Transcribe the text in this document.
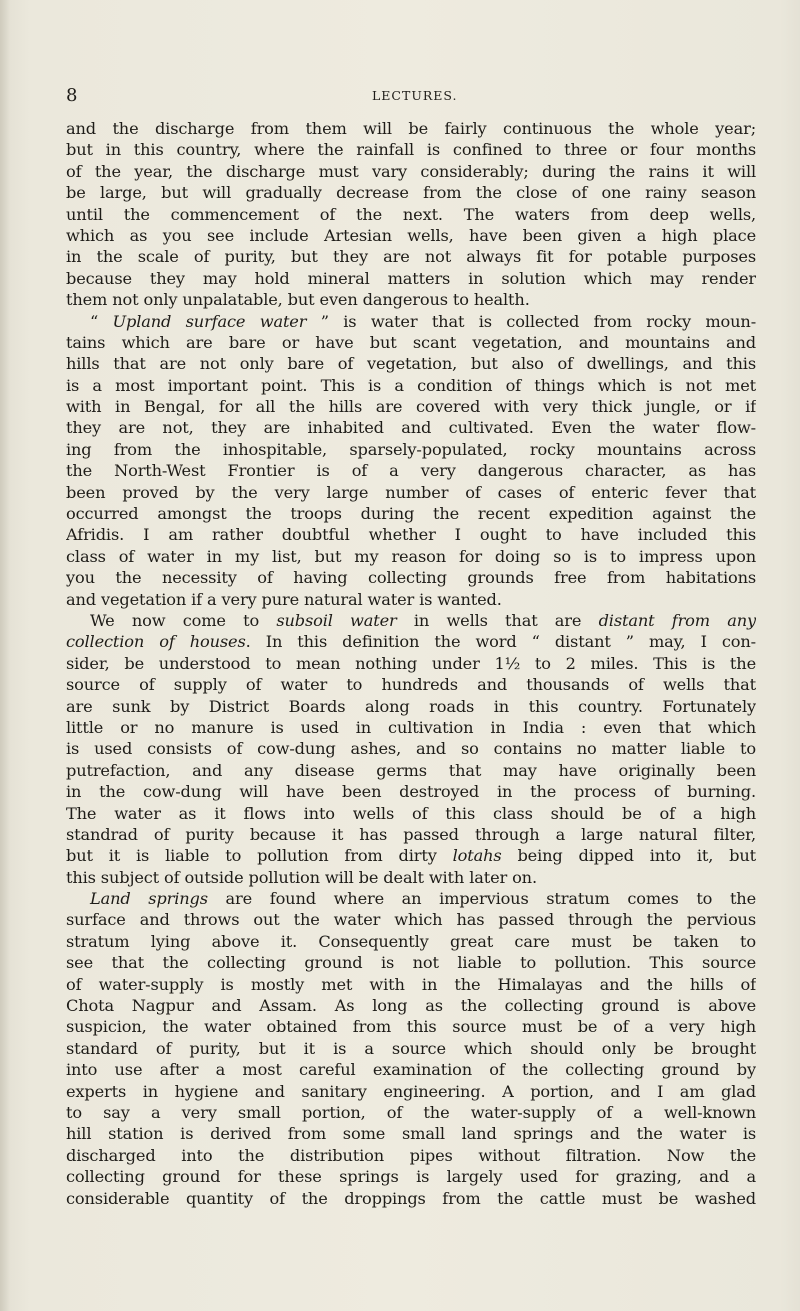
8	LECTURES.
and the discharge from them will be fairly continuous the whole year;
but in this country, where the rainfall is confined to three or four months
of the year, the discharge must vary considerably; during the rains it will
be large, but will gradually decrease from the close of one rainy season
until the commencement of the next. The waters from deep wells,
which as you see include Artesian wells, have been given a high place
in the scale of purity, but they are not always fit for potable purposes
because they may hold mineral matters in solution which may render
them not only unpalatable, but even dangerous to health.
“ Upland surface water ” is water that is collected from rocky moun-
tains which are bare or have but scant vegetation, and mountains and
hills that are not only bare of vegetation, but also of dwellings, and this
is a most important point. This is a condition of things which is not met
with in Bengal, for all the hills are covered with very thick jungle, or if
they are not, they are inhabited and cultivated. Even the water flow-
ing from the inhospitable, sparsely-populated, rocky mountains across
the North-West Frontier is of a very dangerous character, as has
been proved by the very large number of cases of enteric fever that
occurred amongst the troops during the recent expedition against the
Afridis. I am rather doubtful whether I ought to have included this
class of water in my list, but my reason for doing so is to impress upon
you the necessity of having collecting grounds free from habitations
and vegetation if a very pure natural water is wanted.
We now come to subsoil water in wells that are distant from any
collection of houses. In this definition the word “ distant ” may, I con-
sider, be understood to mean nothing under 1½ to 2 miles. This is the
source of supply of water to hundreds and thousands of wells that
are sunk by District Boards along roads in this country. Fortunately
little or no manure is used in cultivation in India : even that which
is used consists of cow-dung ashes, and so contains no matter liable to
putrefaction, and any disease germs that may have originally been
in the cow-dung will have been destroyed in the process of burning.
The water as it flows into wells of this class should be of a high
standrad of purity because it has passed through a large natural filter,
but it is liable to pollution from dirty lotahs being dipped into it, but
this subject of outside pollution will be dealt with later on.
Land springs are found where an impervious stratum comes to the
surface and throws out the water which has passed through the pervious
stratum lying above it. Consequently great care must be taken to
see that the collecting ground is not liable to pollution. This source
of water-supply is mostly met with in the Himalayas and the hills of
Chota Nagpur and Assam. As long as the collecting ground is above
suspicion, the water obtained from this source must be of a very high
standard of purity, but it is a source which should only be brought
into use after a most careful examination of the collecting ground by
experts in hygiene and sanitary engineering. A portion, and I am glad
to say a very small portion, of the water-supply of a well-known
hill station is derived from some small land springs and the water is
discharged into the distribution pipes without filtration. Now the
collecting ground for these springs is largely used for grazing, and a
considerable quantity of the droppings from the cattle must be washed
